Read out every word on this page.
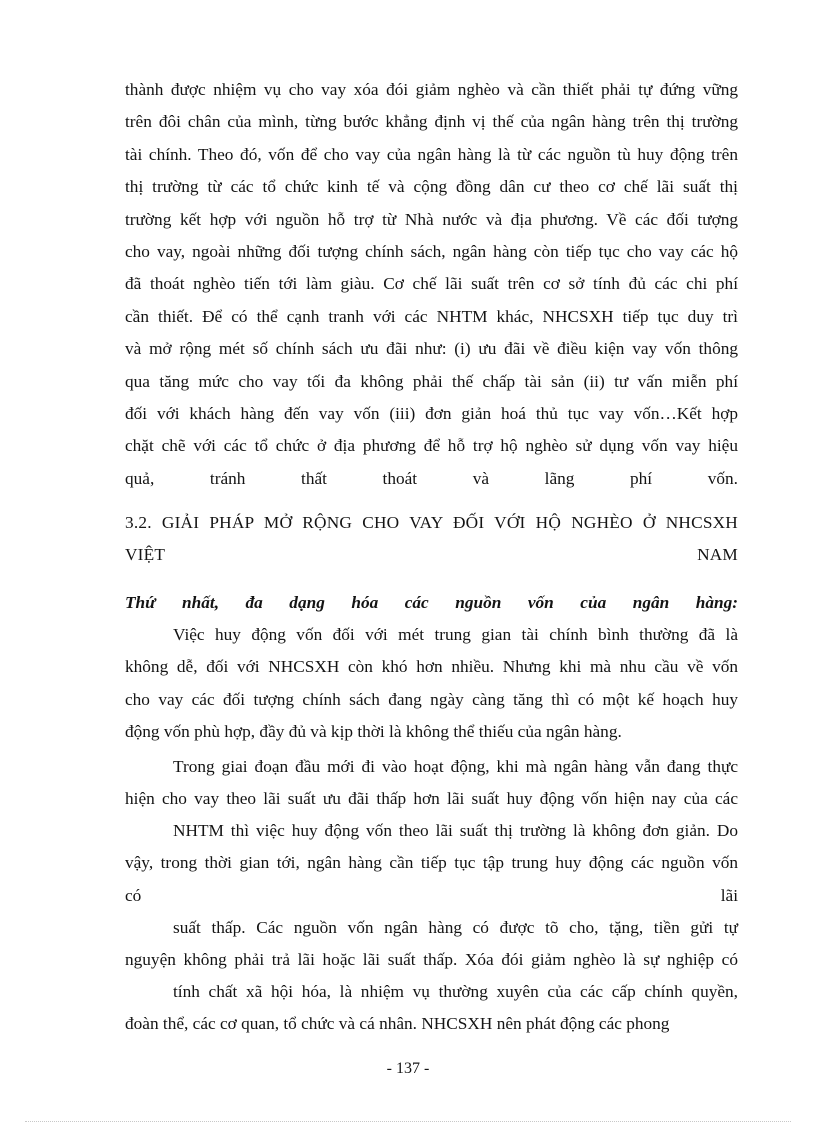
thành được nhiệm vụ cho vay xóa đói giảm nghèo và cần thiết phải tự đứng vững
trên đôi chân của mình, từng bước khẳng định vị thế của ngân hàng trên thị trường
tài chính. Theo đó, vốn để cho vay của ngân hàng là từ các nguồn tù huy động trên
thị trường từ các tổ chức kinh tế và cộng đồng dân cư theo cơ chế lãi suất thị
trường kết hợp với nguồn hỗ trợ từ Nhà nước và địa phương. Về các đối tượng
cho vay, ngoài những đối tượng chính sách, ngân hàng còn tiếp tục cho vay các hộ
đã thoát nghèo tiến tới làm giàu. Cơ chế lãi suất trên cơ sở tính đủ các chi phí
cần thiết. Để có thể cạnh tranh với các NHTM khác, NHCSXH tiếp tục duy trì
và mở rộng mét số chính sách ưu đãi như: (i) ưu đãi về điều kiện vay vốn thông
qua tăng mức cho vay tối đa không phải thế chấp tài sản (ii) tư vấn miễn phí
đối với khách hàng đến vay vốn (iii) đơn giản hoá thủ tục vay vốn…Kết hợp
chặt chẽ với các tổ chức ở địa phương để hỗ trợ hộ nghèo sử dụng vốn vay hiệu
quả,	tránh	thất	thoát	và	lãng	phí	vốn.
3.2. GIẢI PHÁP MỞ RỘNG CHO VAY ĐỐI VỚI HỘ NGHÈO Ở NHCSXH
VIỆT	NAM
Thứ nhất, đa dạng hóa các nguồn vốn của ngân hàng:
Việc huy động vốn đối với mét trung gian tài chính bình thường đã là
không dễ, đối với NHCSXH còn khó hơn nhiều. Nhưng khi mà nhu cầu về vốn
cho vay các đối tượng chính sách đang ngày càng tăng thì có một kế hoạch huy
động vốn phù hợp, đầy đủ và kịp thời là không thể thiếu của ngân hàng.
Trong giai đoạn đầu mới đi vào hoạt động, khi mà ngân hàng vẫn đang thực
hiện cho vay theo lãi suất ưu đãi thấp hơn lãi suất huy động vốn hiện nay của các
NHTM thì việc huy động vốn theo lãi suất thị trường là không đơn giản. Do
vậy, trong thời gian tới, ngân hàng cần tiếp tục tập trung huy động các nguồn vốn
có	lãi
suất thấp. Các nguồn vốn ngân hàng có được tõ cho, tặng, tiền gửi tự
nguyện không phải trả lãi hoặc lãi suất thấp. Xóa đói giảm nghèo là sự nghiệp có
tính chất xã hội hóa, là nhiệm vụ thường xuyên của các cấp chính quyền,
đoàn thể, các cơ quan, tổ chức và cá nhân. NHCSXH nên phát động các phong
- 137 -
